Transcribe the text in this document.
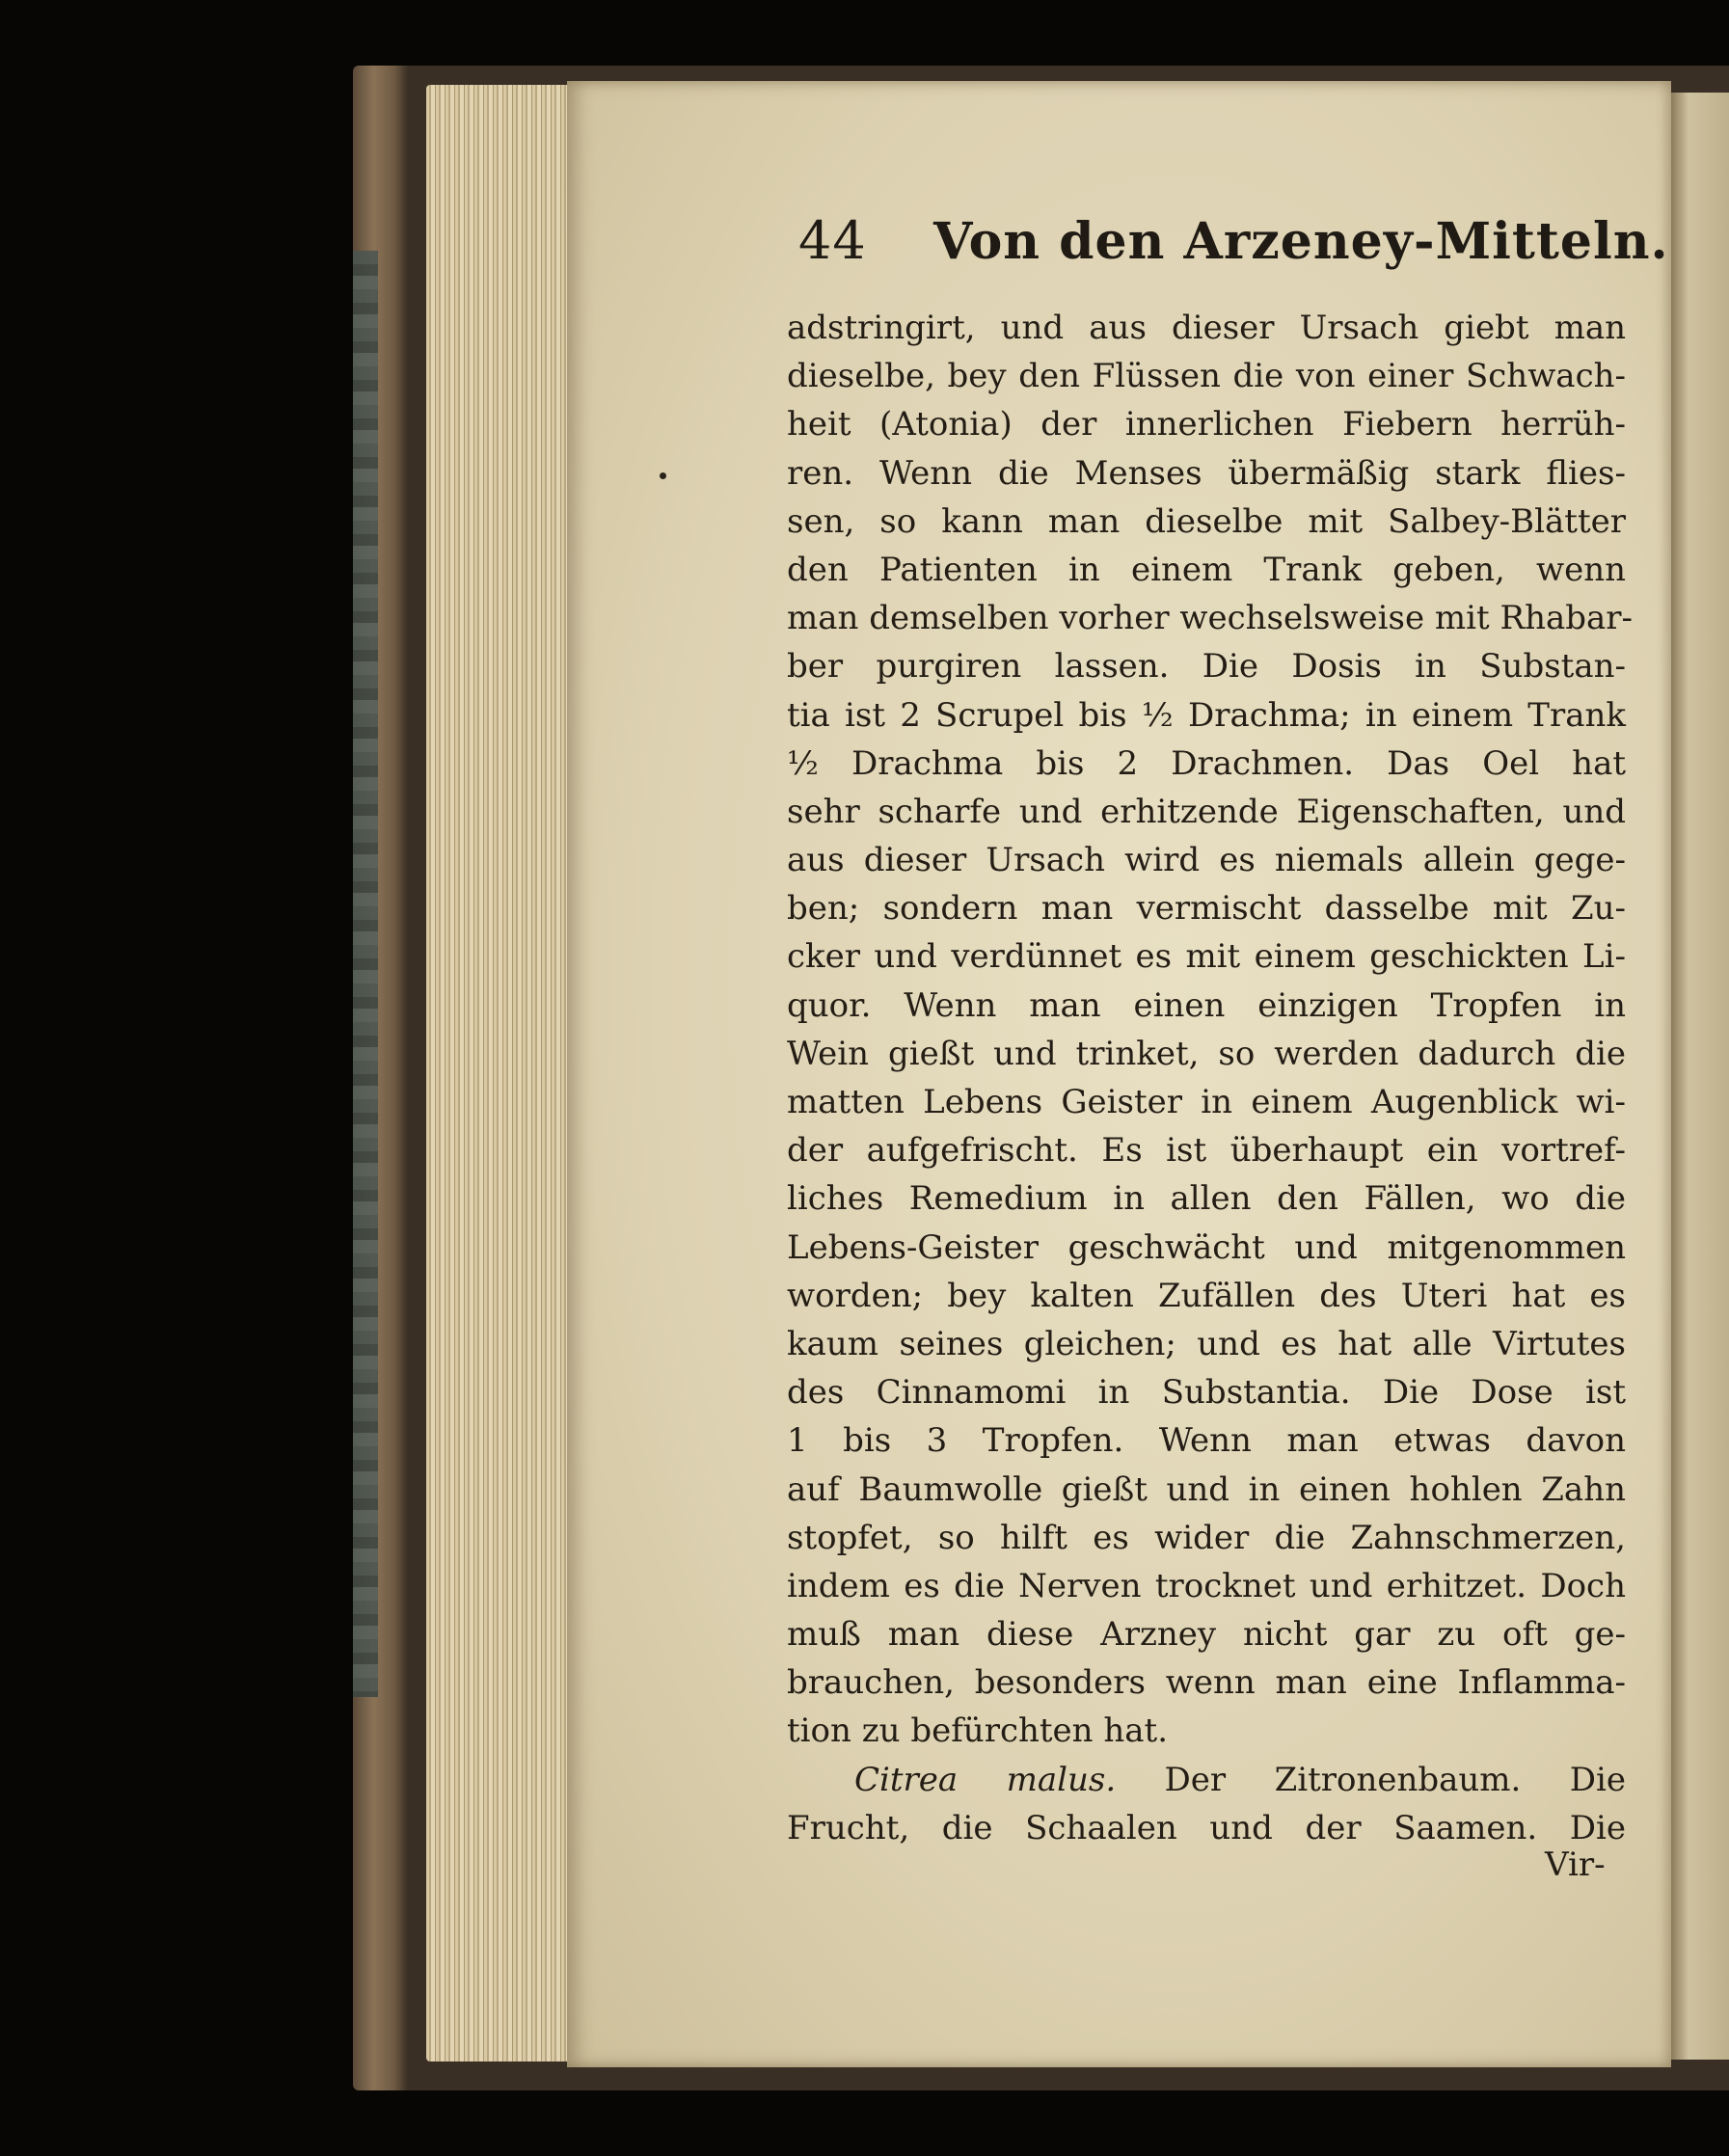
44 Von den Arzeney-Mitteln.
adstringirt, und aus dieser Ursach giebt man
dieselbe, bey den Flüssen die von einer Schwach-
heit (Atonia) der innerlichen Fiebern herrüh-
ren. Wenn die Menses übermäßig stark flies-
sen, so kann man dieselbe mit Salbey-Blätter
den Patienten in einem Trank geben, wenn
man demselben vorher wechselsweise mit Rhabar-
ber purgiren lassen. Die Dosis in Substan-
tia ist 2 Scrupel bis ½ Drachma; in einem Trank
½ Drachma bis 2 Drachmen. Das Oel hat
sehr scharfe und erhitzende Eigenschaften, und
aus dieser Ursach wird es niemals allein gege-
ben; sondern man vermischt dasselbe mit Zu-
cker und verdünnet es mit einem geschickten Li-
quor. Wenn man einen einzigen Tropfen in
Wein gießt und trinket, so werden dadurch die
matten Lebens Geister in einem Augenblick wi-
der aufgefrischt. Es ist überhaupt ein vortref-
liches Remedium in allen den Fällen, wo die
Lebens-Geister geschwächt und mitgenommen
worden; bey kalten Zufällen des Uteri hat es
kaum seines gleichen; und es hat alle Virtutes
des Cinnamomi in Substantia. Die Dose ist
1 bis 3 Tropfen. Wenn man etwas davon
auf Baumwolle gießt und in einen hohlen Zahn
stopfet, so hilft es wider die Zahnschmerzen,
indem es die Nerven trocknet und erhitzet. Doch
muß man diese Arzney nicht gar zu oft ge-
brauchen, besonders wenn man eine Inflamma-
tion zu befürchten hat.
Citrea malus. Der Zitronenbaum. Die
Frucht, die Schaalen und der Saamen. Die
Vir-
